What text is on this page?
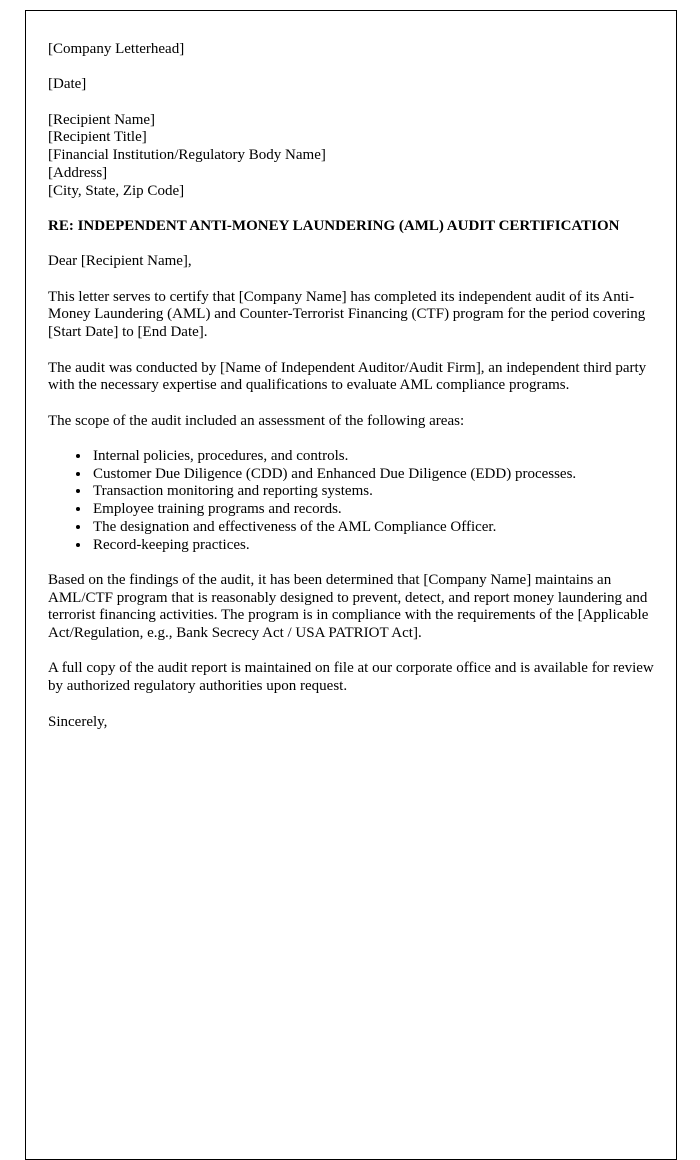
[Company Letterhead]

[Date]

[Recipient Name]

[Recipient Title]

[Financial Institution/Regulatory Body Name]

[Address]

[City, State, Zip Code]

RE: INDEPENDENT ANTI-MONEY LAUNDERING (AML) AUDIT CERTIFICATION

Dear [Recipient Name],

This letter serves to certify that [Company Name] has completed its independent audit of its Anti-Money Laundering (AML) and Counter-Terrorist Financing (CTF) program for the period covering [Start Date] to [End Date].

The audit was conducted by [Name of Independent Auditor/Audit Firm], an independent third party with the necessary expertise and qualifications to evaluate AML compliance programs.

The scope of the audit included an assessment of the following areas:

• Internal policies, procedures, and controls.
• Customer Due Diligence (CDD) and Enhanced Due Diligence (EDD) processes.
• Transaction monitoring and reporting systems.
• Employee training programs and records.
• The designation and effectiveness of the AML Compliance Officer.
• Record-keeping practices.

Based on the findings of the audit, it has been determined that [Company Name] maintains an AML/CTF program that is reasonably designed to prevent, detect, and report money laundering and terrorist financing activities. The program is in compliance with the requirements of the [Applicable Act/Regulation, e.g., Bank Secrecy Act / USA PATRIOT Act].

A full copy of the audit report is maintained on file at our corporate office and is available for review by authorized regulatory authorities upon request.

Sincerely,
